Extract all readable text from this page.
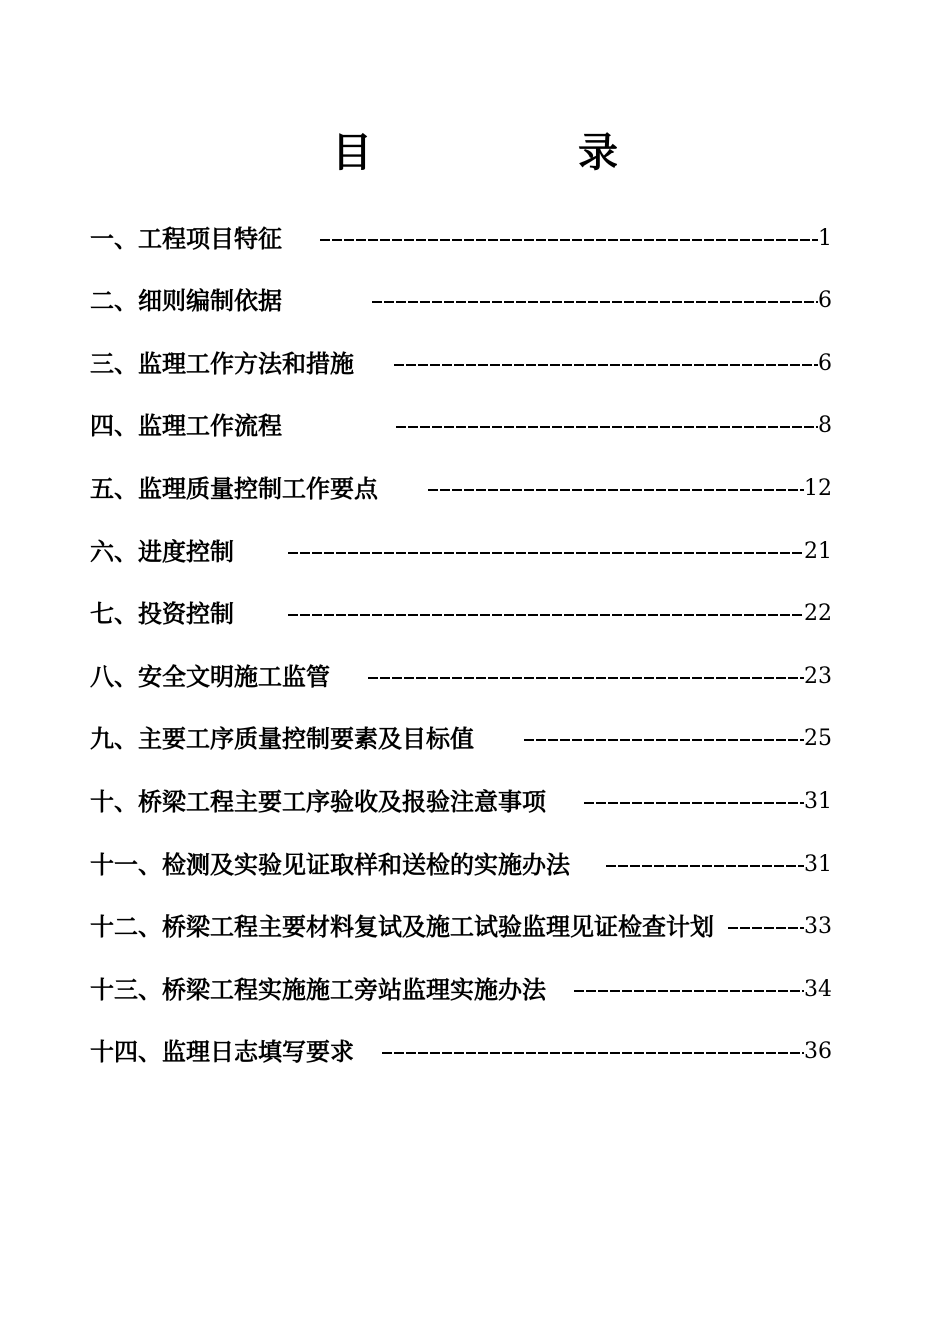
目 录
一、工程项目特征	1
二、细则编制依据	6
三、监理工作方法和措施	6
四、监理工作流程	8
五、监理质量控制工作要点	12
六、进度控制	21
七、投资控制	22
八、安全文明施工监管	23
九、主要工序质量控制要素及目标值	25
十、桥梁工程主要工序验收及报验注意事项	31
十一、检测及实验见证取样和送检的实施办法	31
十二、桥梁工程主要材料复试及施工试验监理见证检查计划	33
十三、桥梁工程实施施工旁站监理实施办法	34
十四、监理日志填写要求	36
